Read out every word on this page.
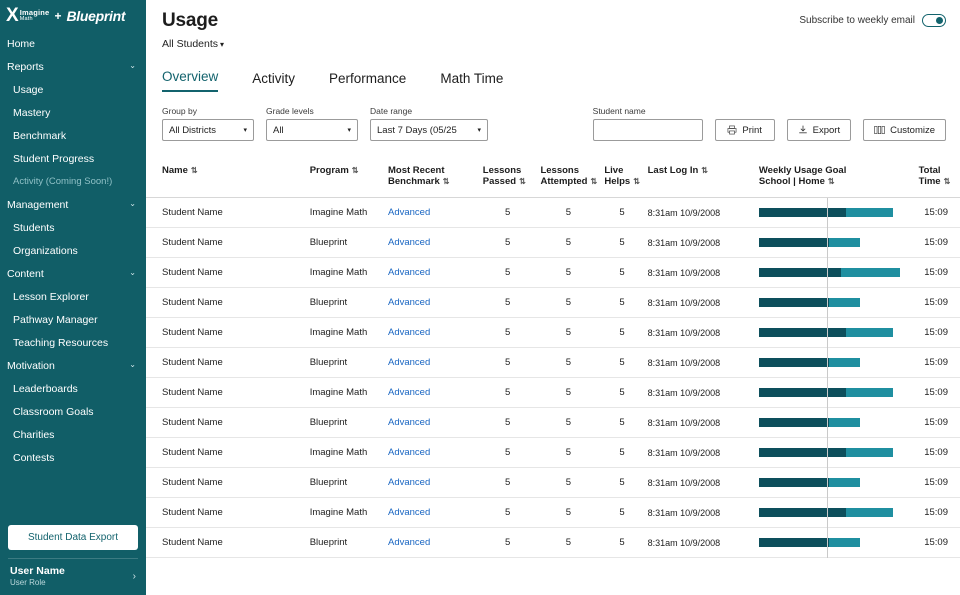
X Imagine
Math	+ Blueprint
Home
Reports	⌄
Usage
Mastery
Benchmark
Student Progress
Activity (Coming Soon!)
Management	⌄
Students
Organizations
Content	⌄
Lesson Explorer
Pathway Manager
Teaching Resources
Motivation	⌄
Leaderboards
Classroom Goals
Charities
Contests
Student Data Export
User Name
User Role
›
Usage
All Students ▾
Subscribe to weekly email
Overview	Activity	Performance	Math Time
Group by
All Districts	▾
Grade levels
All	▾
Date range
Last 7 Days (05/25	▾
Student name
Print	Export	Customize
Name ⇅	Program ⇅	Most Recent
Benchmark ⇅	Lessons
Passed ⇅	Lessons
Attempted ⇅	Live
Helps ⇅	Last Log In ⇅	Weekly Usage Goal
School | Home ⇅	Total
Time ⇅
Student Name	Imagine Math	Advanced	5	5	5	8:31am 10/9/2008		15:09
Student Name	Blueprint	Advanced	5	5	5	8:31am 10/9/2008		15:09
Student Name	Imagine Math	Advanced	5	5	5	8:31am 10/9/2008		15:09
Student Name	Blueprint	Advanced	5	5	5	8:31am 10/9/2008		15:09
Student Name	Imagine Math	Advanced	5	5	5	8:31am 10/9/2008		15:09
Student Name	Blueprint	Advanced	5	5	5	8:31am 10/9/2008		15:09
Student Name	Imagine Math	Advanced	5	5	5	8:31am 10/9/2008		15:09
Student Name	Blueprint	Advanced	5	5	5	8:31am 10/9/2008		15:09
Student Name	Imagine Math	Advanced	5	5	5	8:31am 10/9/2008		15:09
Student Name	Blueprint	Advanced	5	5	5	8:31am 10/9/2008		15:09
Student Name	Imagine Math	Advanced	5	5	5	8:31am 10/9/2008		15:09
Student Name	Blueprint	Advanced	5	5	5	8:31am 10/9/2008		15:09
